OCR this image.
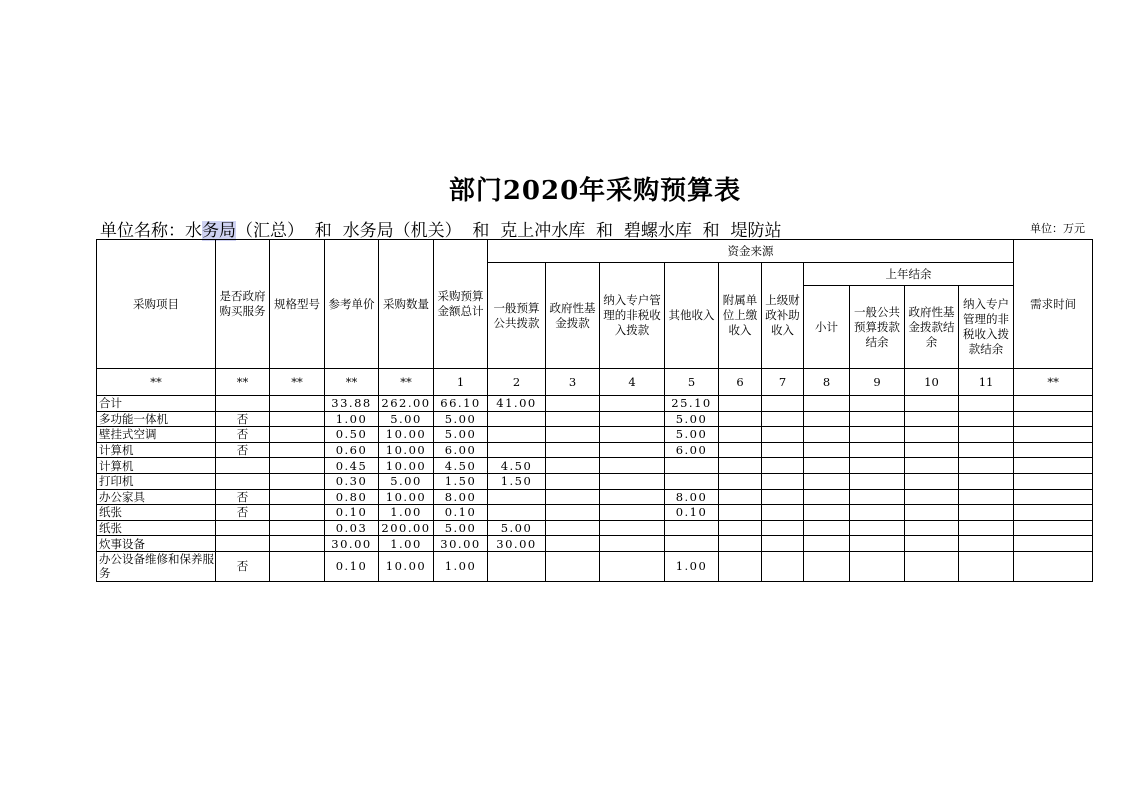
部门2020年采购预算表
单位名称：水务局（汇总）  和  水务局（机关）  和  克上冲水库  和  碧螺水库  和  堤防站	单位：万元
采购项目	是否政府购买服务	规格型号	参考单价	采购数量	采购预算金额总计	资金来源										需求时间
						一般预算公共拨款	政府性基金拨款	纳入专户管理的非税收入拨款	其他收入	附属单位上缴收入	上级财政补助收入	上年结余				
												小计	一般公共预算拨款结余	政府性基金拨款结余	纳入专户管理的非税收入拨款结余	
**	**	**	**	**	1	2	3	4	5	6	7	8	9	10	11	**
合计			33.88	262.00	66.10	41.00			25.10							
多功能一体机	否		1.00	5.00	5.00				5.00							
壁挂式空调	否		0.50	10.00	5.00				5.00							
计算机	否		0.60	10.00	6.00				6.00							
计算机			0.45	10.00	4.50	4.50										
打印机			0.30	5.00	1.50	1.50										
办公家具	否		0.80	10.00	8.00				8.00							
纸张	否		0.10	1.00	0.10				0.10							
纸张			0.03	200.00	5.00	5.00										
炊事设备			30.00	1.00	30.00	30.00										
办公设备维修和保养服务	否		0.10	10.00	1.00				1.00							
